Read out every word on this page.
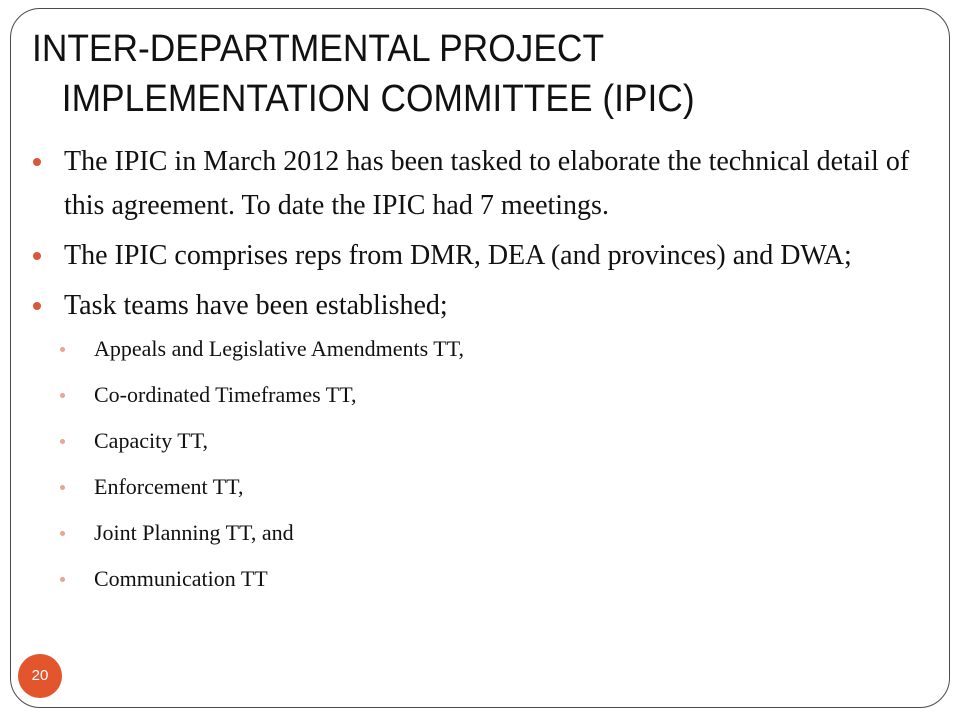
INTER-DEPARTMENTAL PROJECT
IMPLEMENTATION COMMITTEE (IPIC)
The IPIC in March 2012 has been tasked to elaborate the technical detail of this agreement. To date the IPIC had 7 meetings.
The IPIC comprises reps from DMR, DEA (and provinces) and DWA;
Task teams have been established;
Appeals and Legislative Amendments TT,
Co-ordinated Timeframes TT,
Capacity TT,
Enforcement TT,
Joint Planning TT, and
Communication TT
20
